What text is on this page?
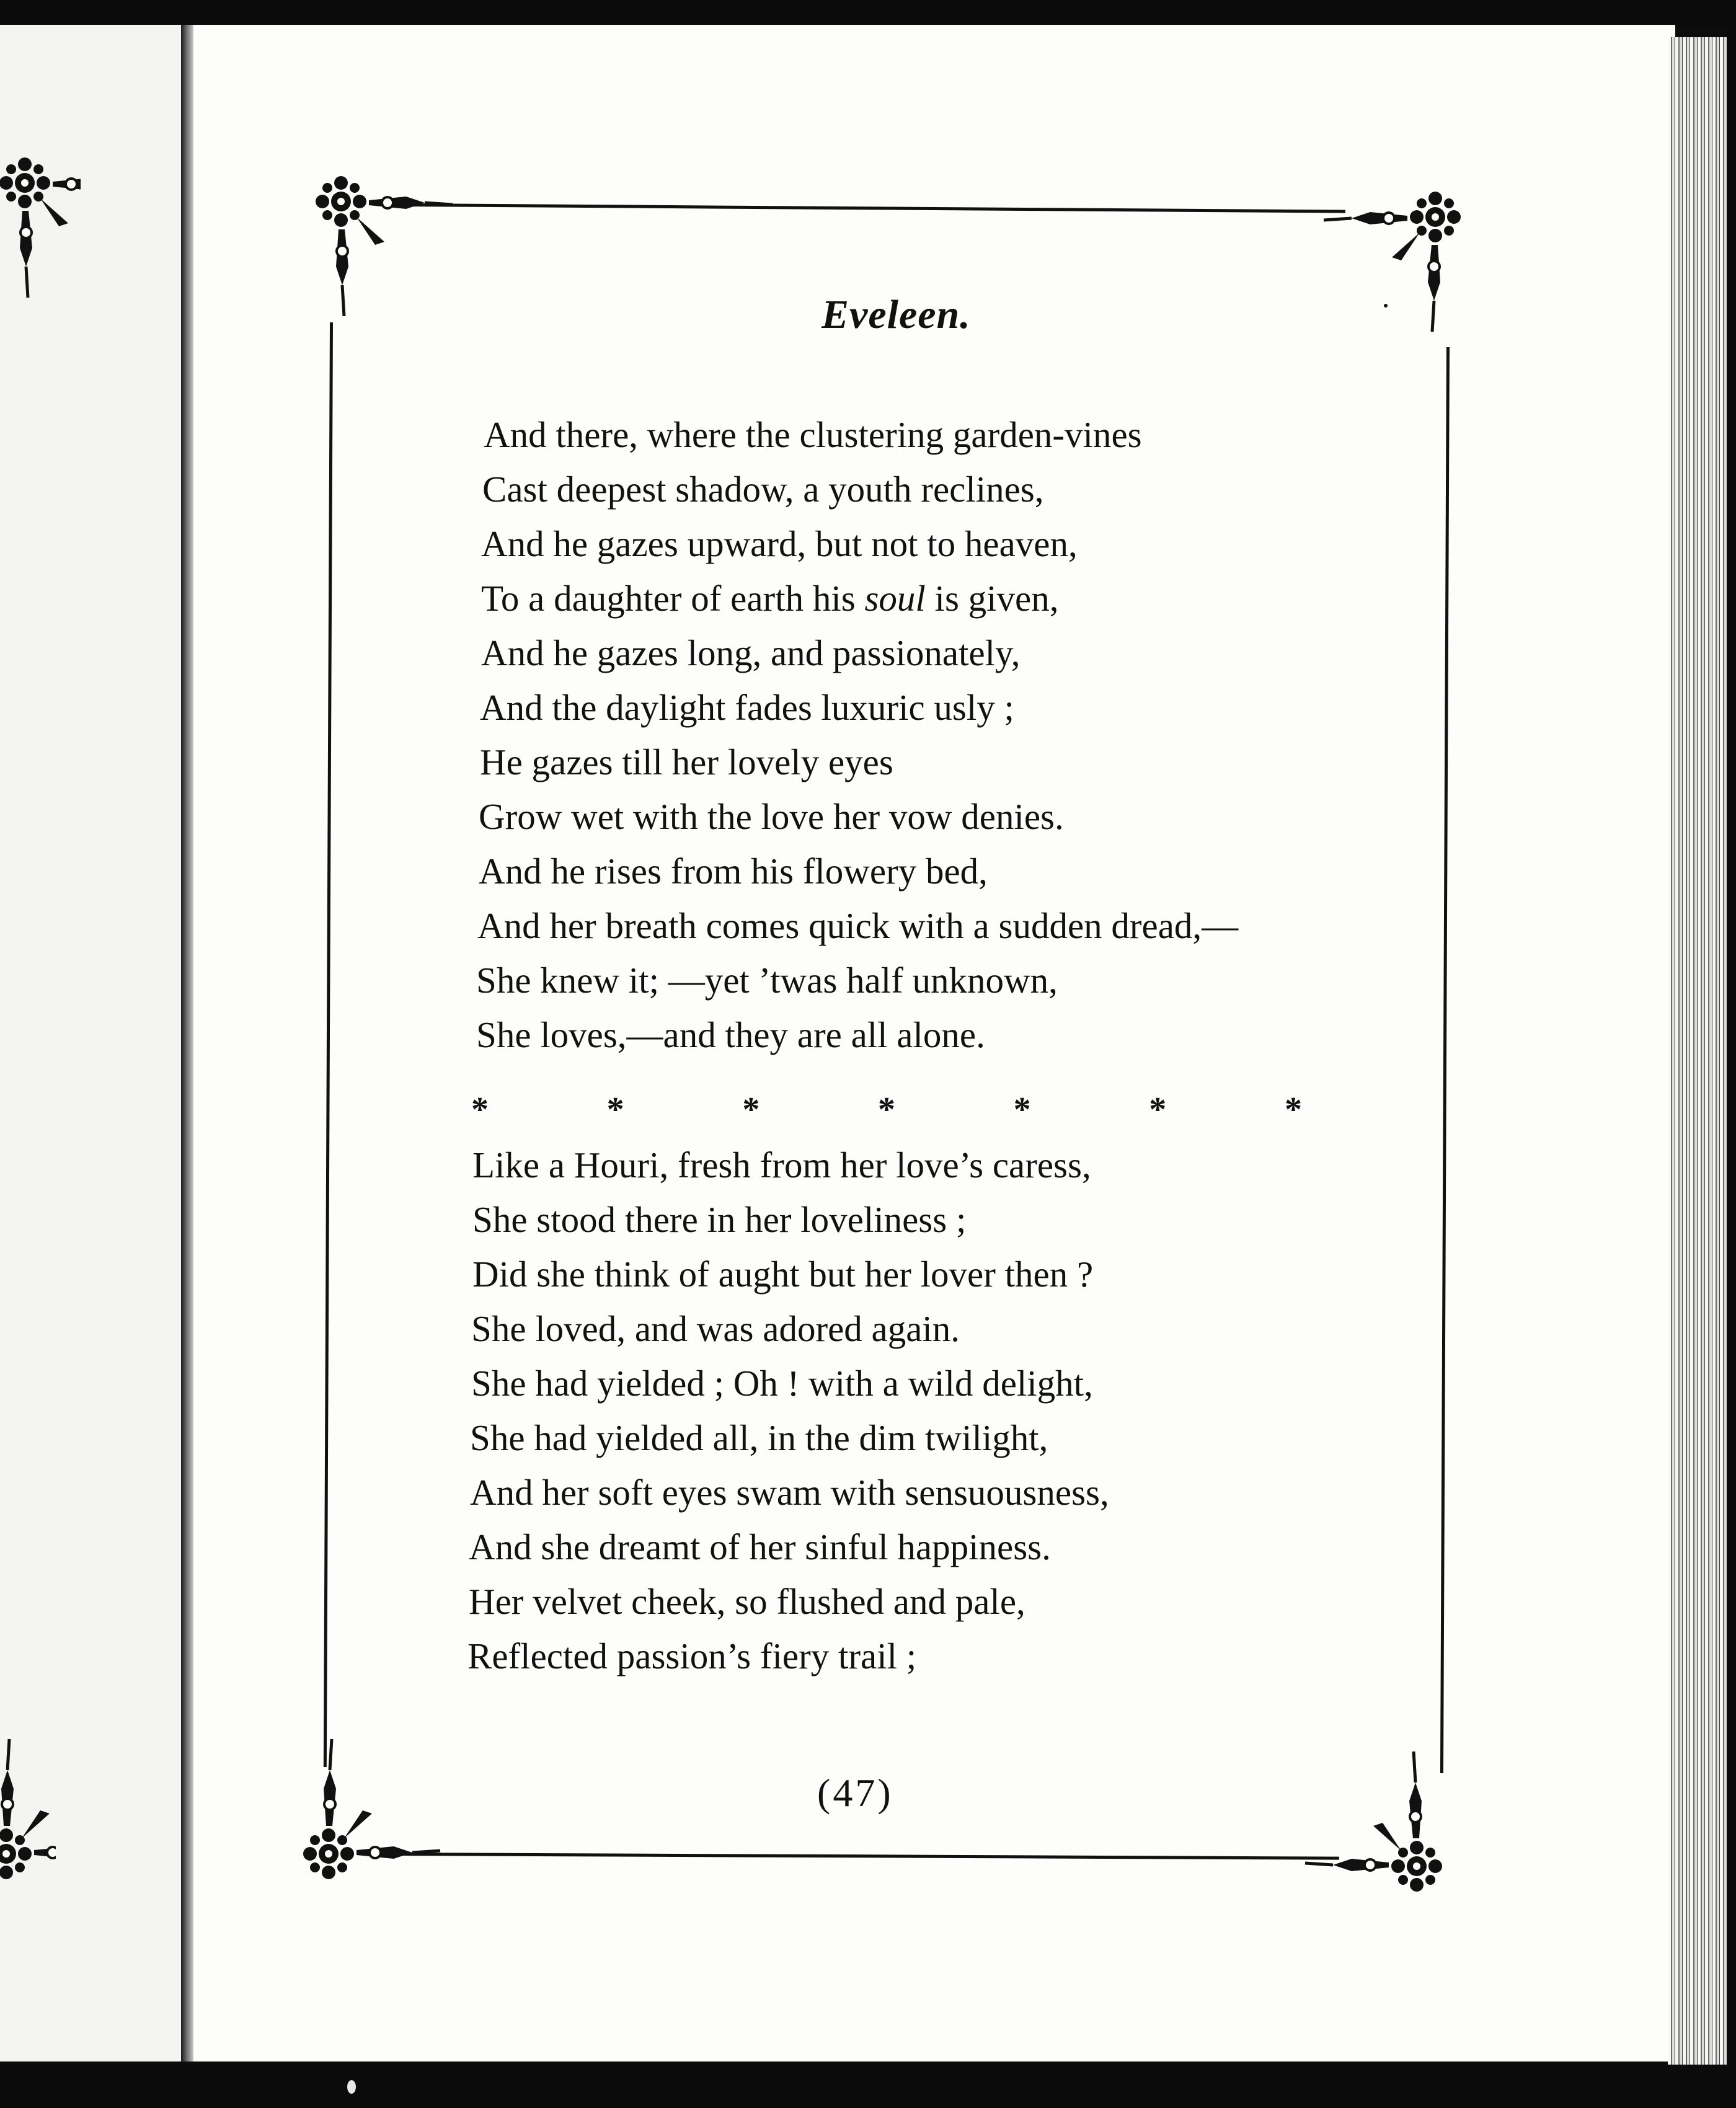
Eveleen.
And there, where the clustering garden-vines
Cast deepest shadow, a youth reclines,
And he gazes upward, but not to heaven,
To a daughter of earth his soul is given,
And he gazes long, and passionately,
And the daylight fades luxuric usly ;
He gazes till her lovely eyes
Grow wet with the love her vow denies.
And he rises from his flowery bed,
And her breath comes quick with a sudden dread,—
She knew it; —yet ’twas half unknown,
She loves,—and they are all alone.
*	*	*	*	*	*	*
Like a Houri, fresh from her love’s caress,
She stood there in her loveliness ;
Did she think of aught but her lover then ?
She loved, and was adored again.
She had yielded ; Oh ! with a wild delight,
She had yielded all, in the dim twilight,
And her soft eyes swam with sensuousness,
And she dreamt of her sinful happiness.
Her velvet cheek, so flushed and pale,
Reflected passion’s fiery trail ;
(47)
